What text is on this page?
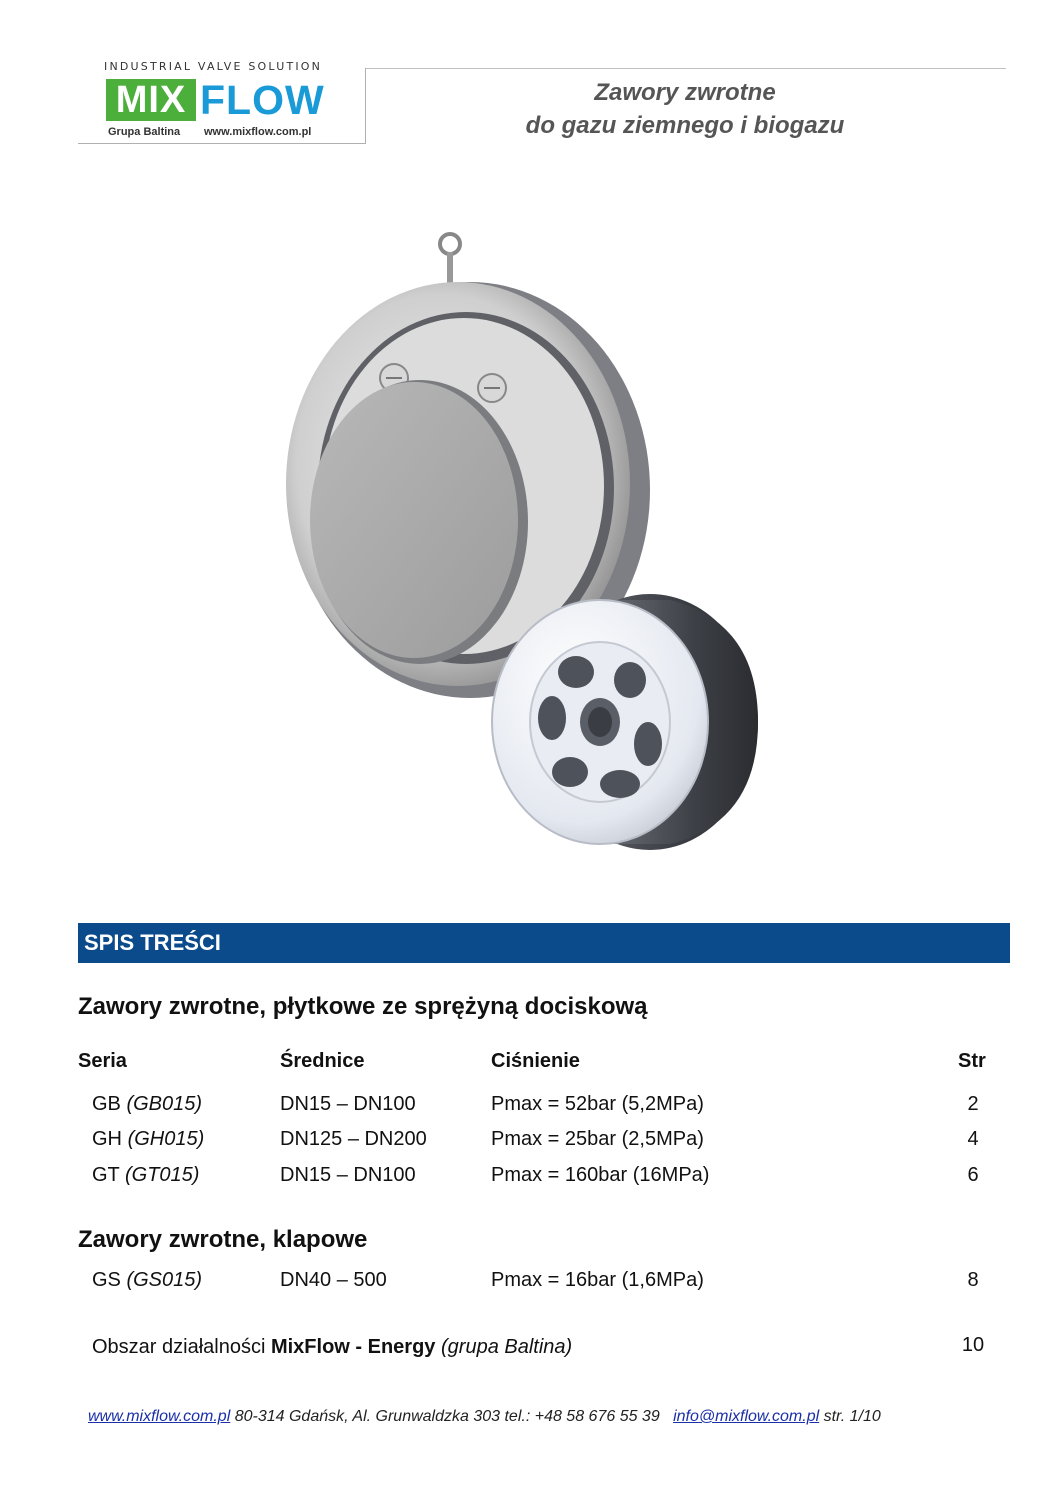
INDUSTRIAL VALVE SOLUTION
MIX FLOW
Grupa Baltina www.mixflow.com.pl
Zawory zwrotne
do gazu ziemnego i biogazu
SPIS TREŚCI
Zawory zwrotne, płytkowe ze sprężyną dociskową
Seria	Średnice	Ciśnienie	Str
GB (GB015)	DN15 – DN100	Pmax = 52bar (5,2MPa)	2
GH (GH015)	DN125 – DN200	Pmax = 25bar (2,5MPa)	4
GT (GT015)	DN15 – DN100	Pmax = 160bar (16MPa)	6
Zawory zwrotne, klapowe
GS (GS015)	DN40 – 500	Pmax = 16bar (1,6MPa)	8
Obszar działalności MixFlow - Energy (grupa Baltina)	10
www.mixflow.com.pl 80-314 Gdańsk, Al. Grunwaldzka 303 tel.: +48 58 676 55 39 info@mixflow.com.pl str. 1/10
